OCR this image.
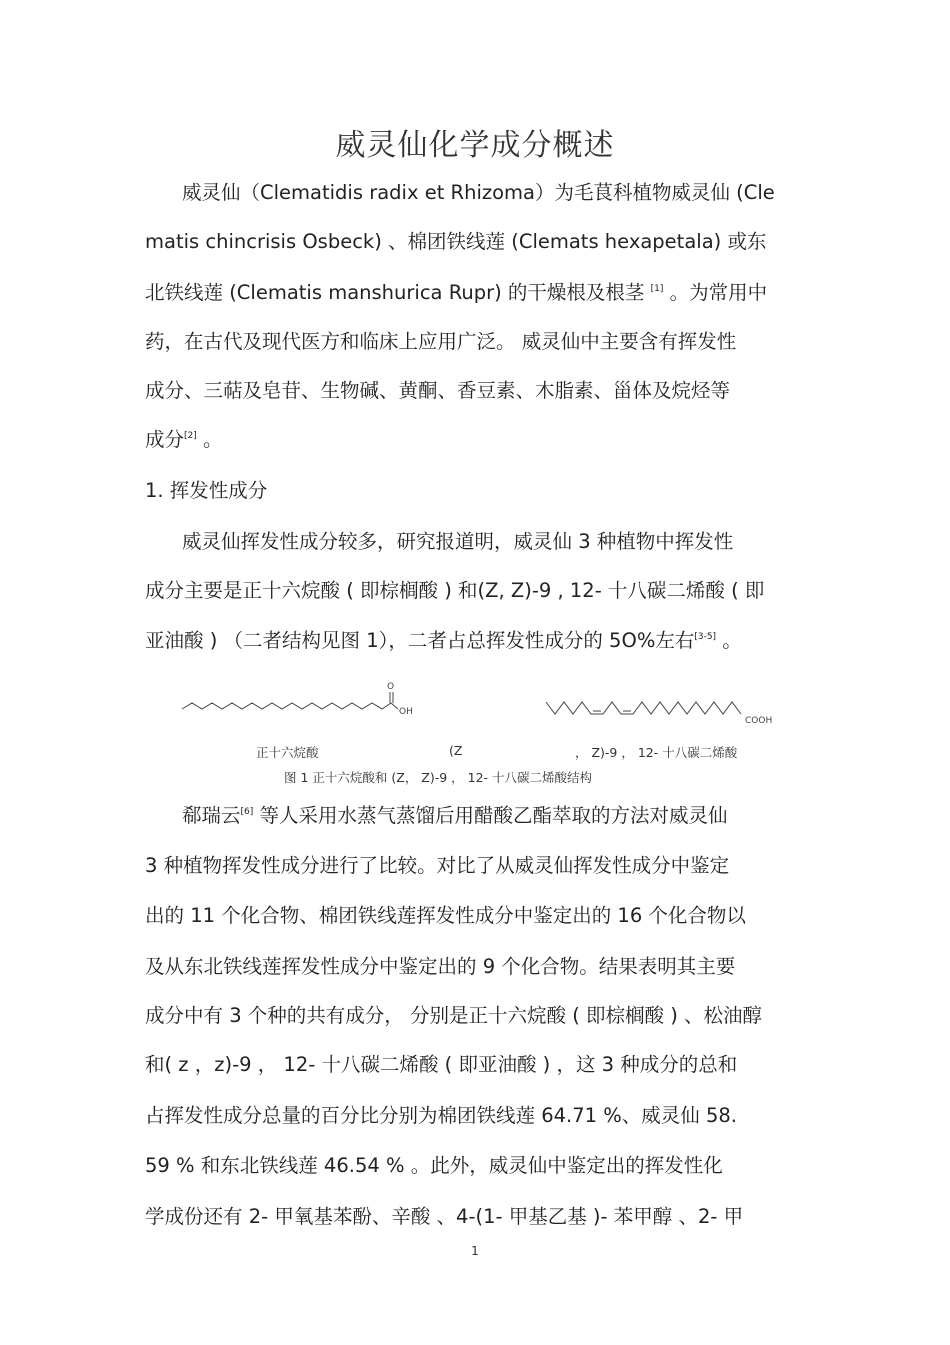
威灵仙化学成分概述
威灵仙（Clematidis radix et Rhizoma）为毛茛科植物威灵仙 (Cle
matis chincrisis Osbeck) 、棉团铁线莲 (Clemats hexapetala) 或东
北铁线莲 (Clematis manshurica Rupr) 的干燥根及根茎 [1] 。为常用中
药，在古代及现代医方和临床上应用广泛。 威灵仙中主要含有挥发性
成分、三萜及皂苷、生物碱、黄酮、香豆素、木脂素、甾体及烷烃等
成分[2] 。
1. 挥发性成分
威灵仙挥发性成分较多，研究报道明，威灵仙 3 种植物中挥发性
成分主要是正十六烷酸 ( 即棕榈酸 ) 和(Z, Z)-9 , 12- 十八碳二烯酸 ( 即
亚油酸 ) （二者结构见图 1），二者占总挥发性成分的 5O%左右[3-5] 。
O
OH
COOH
正十六烷酸	(Z	， Z)-9 ， 12- 十八碳二烯酸
图 1 正十六烷酸和 (Z， Z)-9 ， 12- 十八碳二烯酸结构
郗瑞云[6] 等人采用水蒸气蒸馏后用醋酸乙酯萃取的方法对威灵仙
3 种植物挥发性成分进行了比较。对比了从威灵仙挥发性成分中鉴定
出的 11 个化合物、棉团铁线莲挥发性成分中鉴定出的 16 个化合物以
及从东北铁线莲挥发性成分中鉴定出的 9 个化合物。结果表明其主要
成分中有 3 个种的共有成分， 分别是正十六烷酸 ( 即棕榈酸 ) 、松油醇
和( z ，z)-9 ， 12- 十八碳二烯酸 ( 即亚油酸 ) ，这 3 种成分的总和
占挥发性成分总量的百分比分别为棉团铁线莲 64.71 %、威灵仙 58.
59 % 和东北铁线莲 46.54 % 。此外，威灵仙中鉴定出的挥发性化
学成份还有 2- 甲氧基苯酚、辛酸 、4-(1- 甲基乙基 )- 苯甲醇 、2- 甲
1
